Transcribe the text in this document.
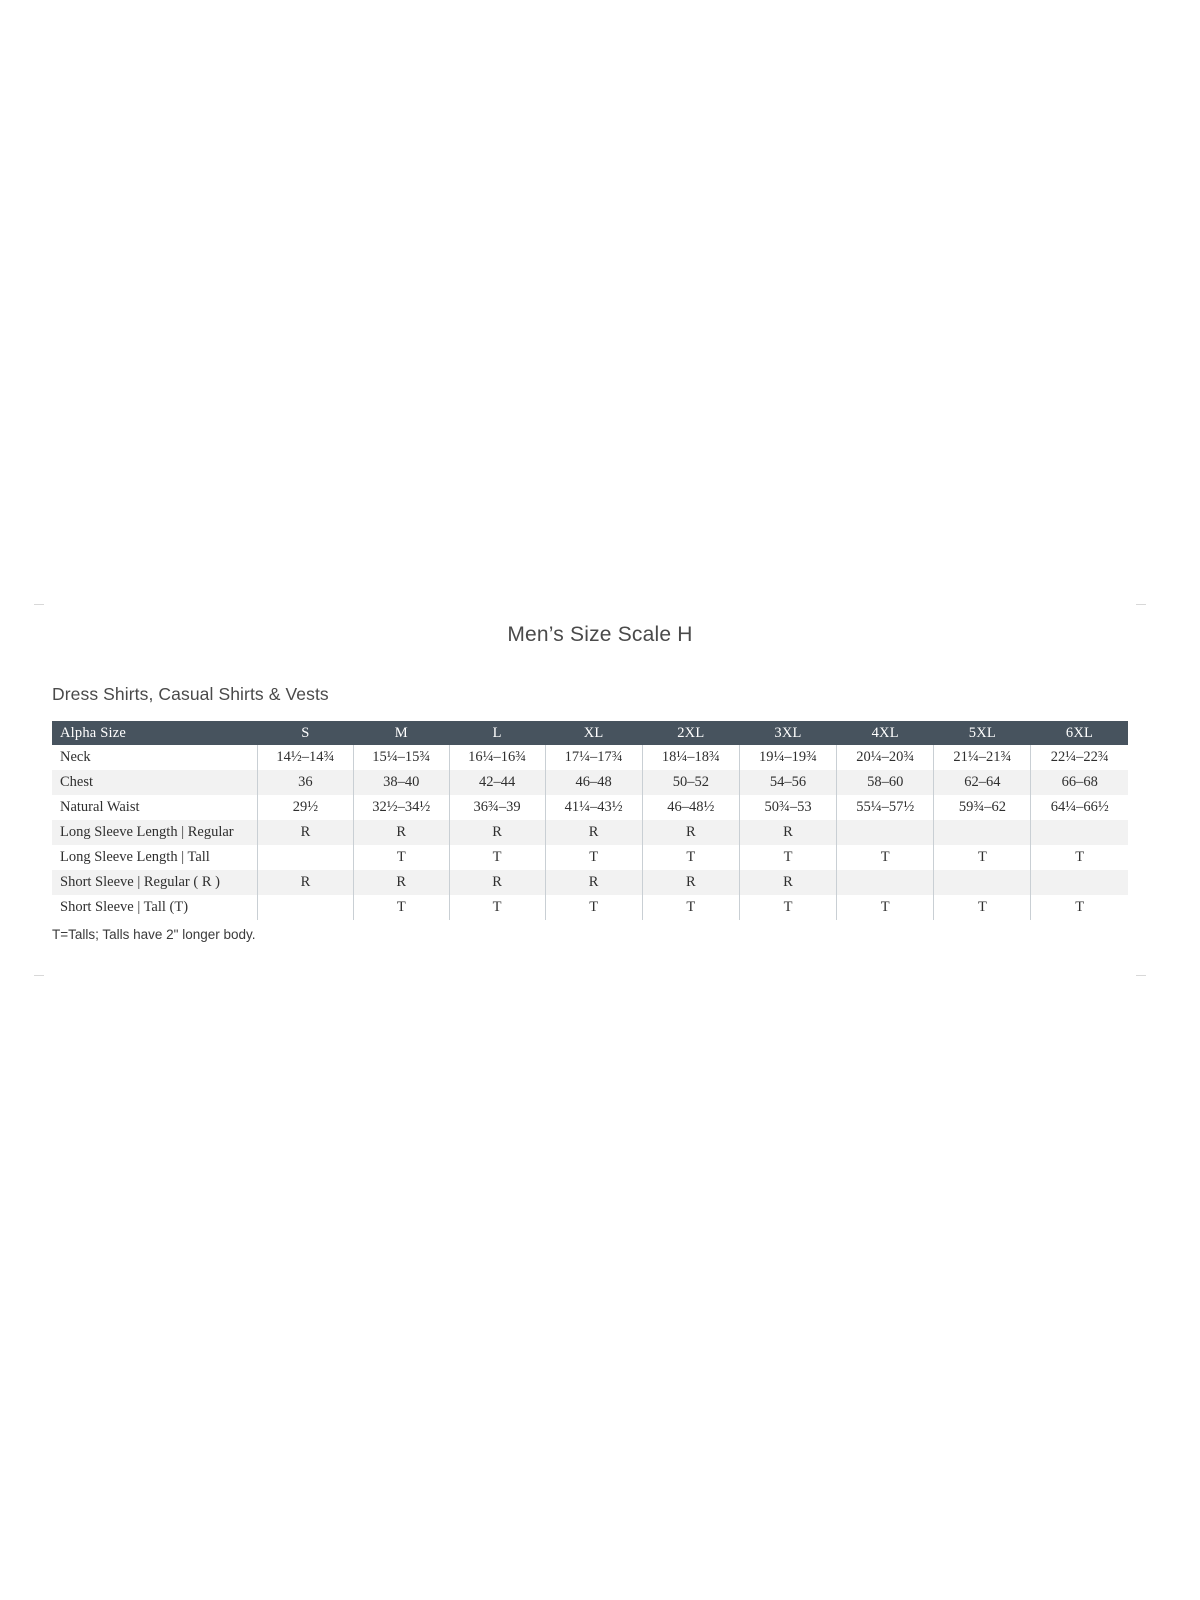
Men’s Size Scale H
Dress Shirts, Casual Shirts & Vests
Alpha Size	S	M	L	XL	2XL	3XL	4XL	5XL	6XL
Neck	14½–14¾	15¼–15¾	16¼–16¾	17¼–17¾	18¼–18¾	19¼–19¾	20¼–20¾	21¼–21¾	22¼–22¾
Chest	36	38–40	42–44	46–48	50–52	54–56	58–60	62–64	66–68
Natural Waist	29½	32½–34½	36¾–39	41¼–43½	46–48½	50¾–53	55¼–57½	59¾–62	64¼–66½
Long Sleeve Length | Regular	R	R	R	R	R	R			
Long Sleeve Length | Tall		T	T	T	T	T	T	T	T
Short Sleeve | Regular ( R )	R	R	R	R	R	R			
Short Sleeve | Tall (T)		T	T	T	T	T	T	T	T
T=Talls; Talls have 2" longer body.
